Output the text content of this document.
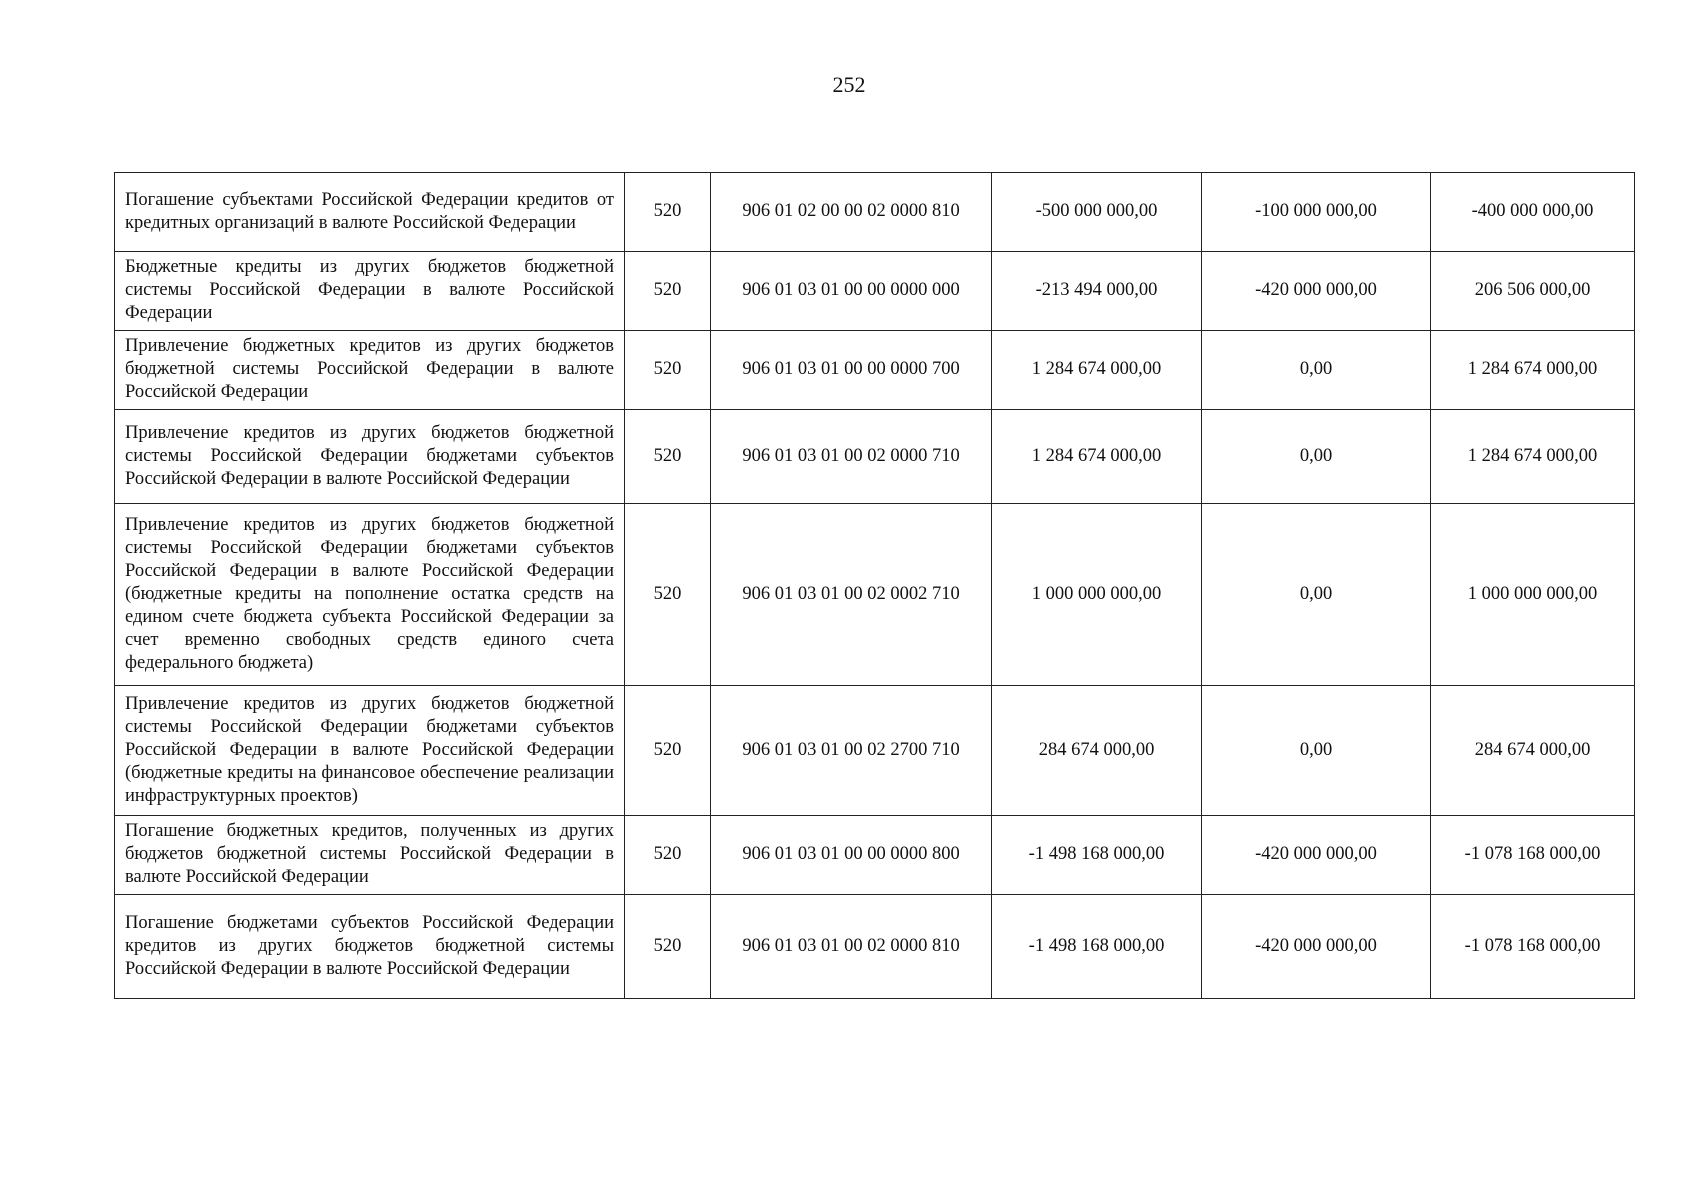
252
Погашение субъектами Российской Федерации кредитов от кредитных организаций в валюте Российской Федерации	520	906 01 02 00 00 02 0000 810	-500 000 000,00	-100 000 000,00	-400 000 000,00
Бюджетные кредиты из других бюджетов бюджетной системы Российской Федерации в валюте Российской Федерации	520	906 01 03 01 00 00 0000 000	-213 494 000,00	-420 000 000,00	206 506 000,00
Привлечение бюджетных кредитов из других бюджетов бюджетной системы Российской Федерации в валюте Российской Федерации	520	906 01 03 01 00 00 0000 700	1 284 674 000,00	0,00	1 284 674 000,00
Привлечение кредитов из других бюджетов бюджетной системы Российской Федерации бюджетами субъектов Российской Федерации в валюте Российской Федерации	520	906 01 03 01 00 02 0000 710	1 284 674 000,00	0,00	1 284 674 000,00
Привлечение кредитов из других бюджетов бюджетной системы Российской Федерации бюджетами субъектов Российской Федерации в валюте Российской Федерации (бюджетные кредиты на пополнение остатка средств на едином счете бюджета субъекта Российской Федерации за счет временно свободных средств единого счета федерального бюджета)	520	906 01 03 01 00 02 0002 710	1 000 000 000,00	0,00	1 000 000 000,00
Привлечение кредитов из других бюджетов бюджетной системы Российской Федерации бюджетами субъектов Российской Федерации в валюте Российской Федерации (бюджетные кредиты на финансовое обеспечение реализации инфраструктурных проектов)	520	906 01 03 01 00 02 2700 710	284 674 000,00	0,00	284 674 000,00
Погашение бюджетных кредитов, полученных из других бюджетов бюджетной системы Российской Федерации в валюте Российской Федерации	520	906 01 03 01 00 00 0000 800	-1 498 168 000,00	-420 000 000,00	-1 078 168 000,00
Погашение бюджетами субъектов Российской Федерации кредитов из других бюджетов бюджетной системы Российской Федерации в валюте Российской Федерации	520	906 01 03 01 00 02 0000 810	-1 498 168 000,00	-420 000 000,00	-1 078 168 000,00
